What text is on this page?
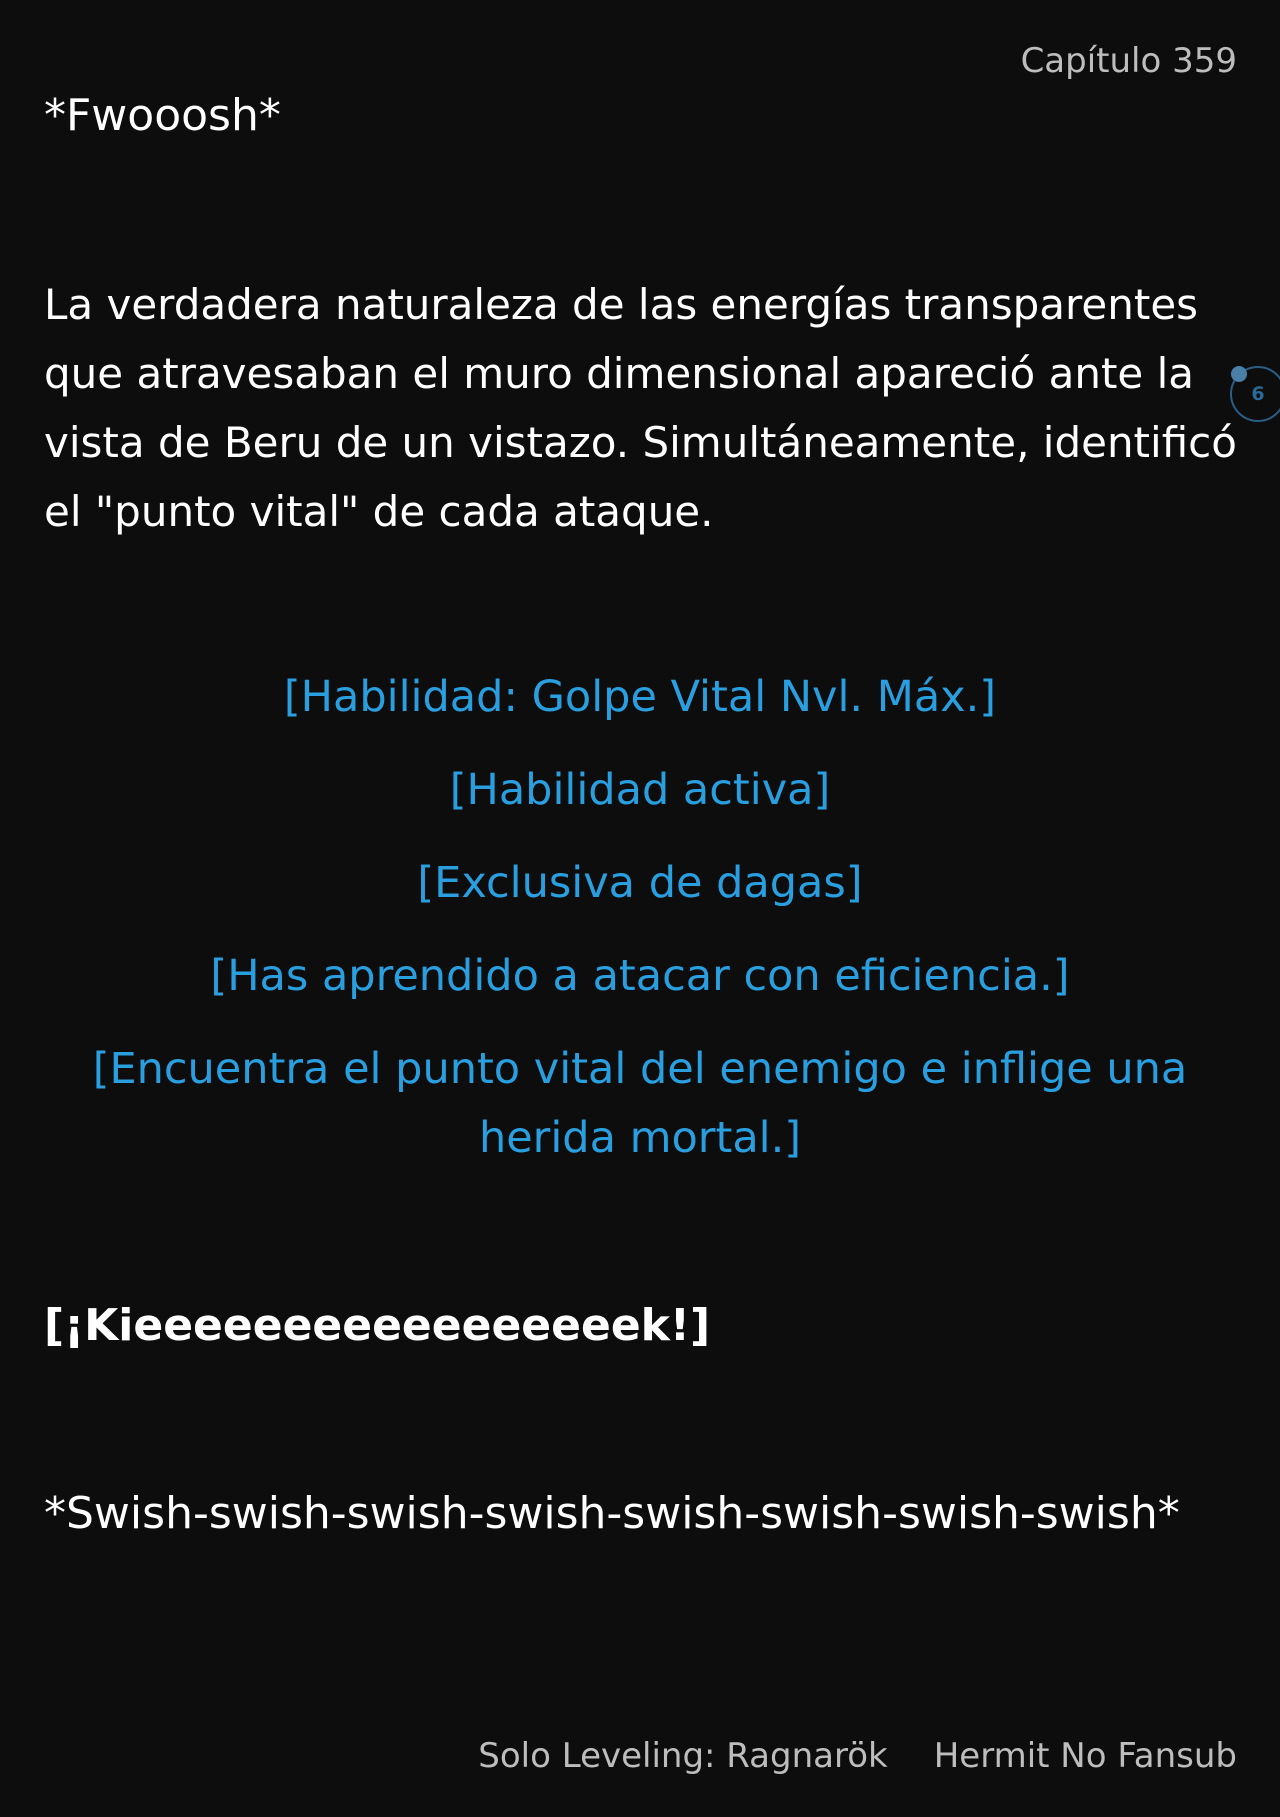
Capítulo 359
*Fwooosh*

La verdadera naturaleza de las energías transparentes que atravesaban el muro dimensional apareció ante la vista de Beru de un vistazo. Simultáneamente, identificó el "punto vital" de cada ataque.

[Habilidad: Golpe Vital Nvl. Máx.]

[Habilidad activa]

[Exclusiva de dagas]

[Has aprendido a atacar con eficiencia.]

[Encuentra el punto vital del enemigo e inflige una herida mortal.]

[¡Kieeeeeeeeeeeeeeeeek!]
*Swish-swish-swish-swish-swish-swish-swish-swish*
6
Solo Leveling: Ragnarök Hermit No Fansub
